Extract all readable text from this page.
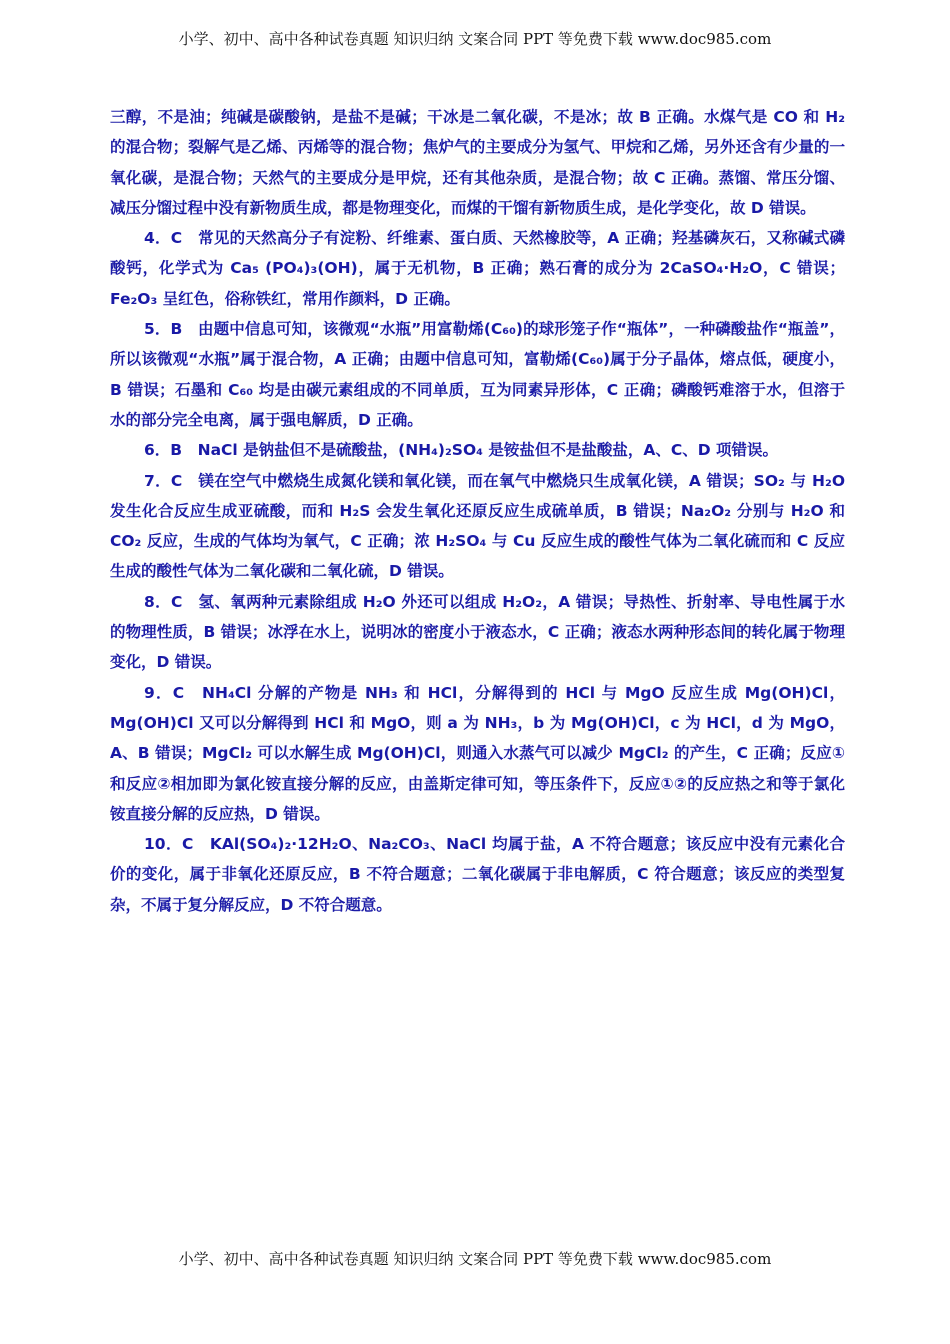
小学、初中、高中各种试卷真题 知识归纳 文案合同 PPT 等免费下载 www.doc985.com

三醇，不是油；纯碱是碳酸钠，是盐不是碱；干冰是二氧化碳，不是冰；故 B 正确。水煤气是 CO 和 H₂ 的混合物；裂解气是乙烯、丙烯等的混合物；焦炉气的主要成分为氢气、甲烷和乙烯，另外还含有少量的一氧化碳，是混合物；天然气的主要成分是甲烷，还有其他杂质，是混合物；故 C 正确。蒸馏、常压分馏、减压分馏过程中没有新物质生成，都是物理变化，而煤的干馏有新物质生成，是化学变化，故 D 错误。

4．C　常见的天然高分子有淀粉、纤维素、蛋白质、天然橡胶等，A 正确；羟基磷灰石，又称碱式磷酸钙，化学式为 Ca₅ (PO₄)₃(OH)，属于无机物，B 正确；熟石膏的成分为 2CaSO₄·H₂O，C 错误；Fe₂O₃ 呈红色，俗称铁红，常用作颜料，D 正确。

5．B　由题中信息可知，该微观“水瓶”用富勒烯(C₆₀)的球形笼子作“瓶体”，一种磷酸盐作“瓶盖”，所以该微观“水瓶”属于混合物，A 正确；由题中信息可知，富勒烯(C₆₀)属于分子晶体，熔点低，硬度小，B 错误；石墨和 C₆₀ 均是由碳元素组成的不同单质，互为同素异形体，C 正确；磷酸钙难溶于水，但溶于水的部分完全电离，属于强电解质，D 正确。

6．B　NaCl 是钠盐但不是硫酸盐，(NH₄)₂SO₄ 是铵盐但不是盐酸盐，A、C、D 项错误。

7．C　镁在空气中燃烧生成氮化镁和氧化镁，而在氧气中燃烧只生成氧化镁，A 错误；SO₂ 与 H₂O 发生化合反应生成亚硫酸，而和 H₂S 会发生氧化还原反应生成硫单质，B 错误；Na₂O₂ 分别与 H₂O 和 CO₂ 反应，生成的气体均为氧气，C 正确；浓 H₂SO₄ 与 Cu 反应生成的酸性气体为二氧化硫而和 C 反应生成的酸性气体为二氧化碳和二氧化硫，D 错误。

8．C　氢、氧两种元素除组成 H₂O 外还可以组成 H₂O₂，A 错误；导热性、折射率、导电性属于水的物理性质，B 错误；冰浮在水上，说明冰的密度小于液态水，C 正确；液态水两种形态间的转化属于物理变化，D 错误。

9．C　NH₄Cl 分解的产物是 NH₃ 和 HCl，分解得到的 HCl 与 MgO 反应生成 Mg(OH)Cl，Mg(OH)Cl 又可以分解得到 HCl 和 MgO，则 a 为 NH₃，b 为 Mg(OH)Cl，c 为 HCl，d 为 MgO，A、B 错误；MgCl₂ 可以水解生成 Mg(OH)Cl，则通入水蒸气可以减少 MgCl₂ 的产生，C 正确；反应①和反应②相加即为氯化铵直接分解的反应，由盖斯定律可知，等压条件下，反应①②的反应热之和等于氯化铵直接分解的反应热，D 错误。

10．C　KAl(SO₄)₂·12H₂O、Na₂CO₃、NaCl 均属于盐，A 不符合题意；该反应中没有元素化合价的变化，属于非氧化还原反应，B 不符合题意；二氧化碳属于非电解质，C 符合题意；该反应的类型复杂，不属于复分解反应，D 不符合题意。

小学、初中、高中各种试卷真题 知识归纳 文案合同 PPT 等免费下载 www.doc985.com
